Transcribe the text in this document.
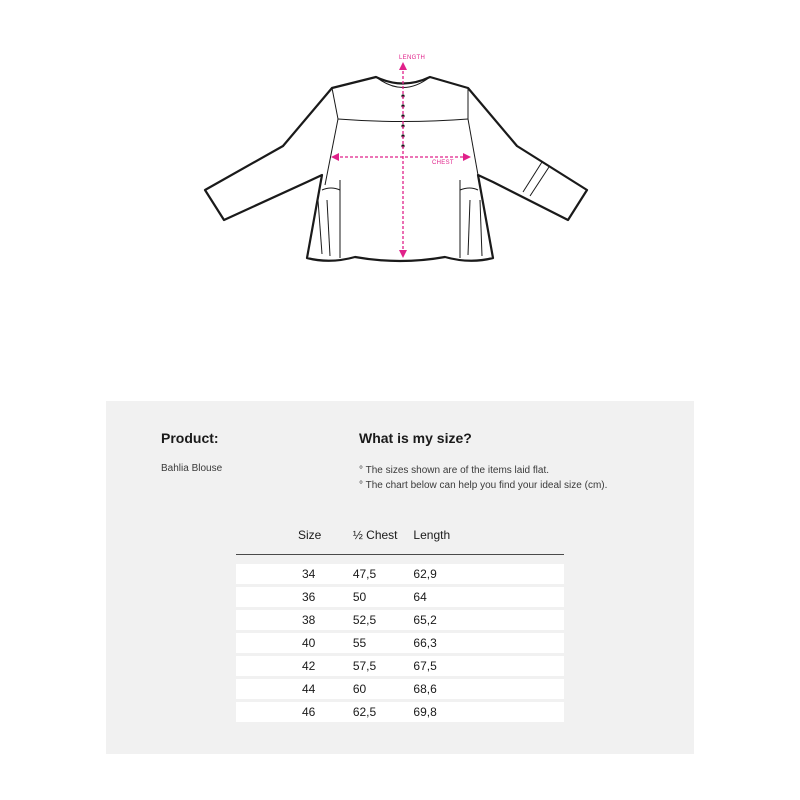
LENGTH
CHEST
Product:
Bahlia Blouse
What is my size?
° The sizes shown are of the items laid flat.
° The chart below can help you find your ideal size (cm).
Size	½ Chest	Length	

34	47,5	62,9	
36	50	64	
38	52,5	65,2	
40	55	66,3	
42	57,5	67,5	
44	60	68,6	
46	62,5	69,8	
